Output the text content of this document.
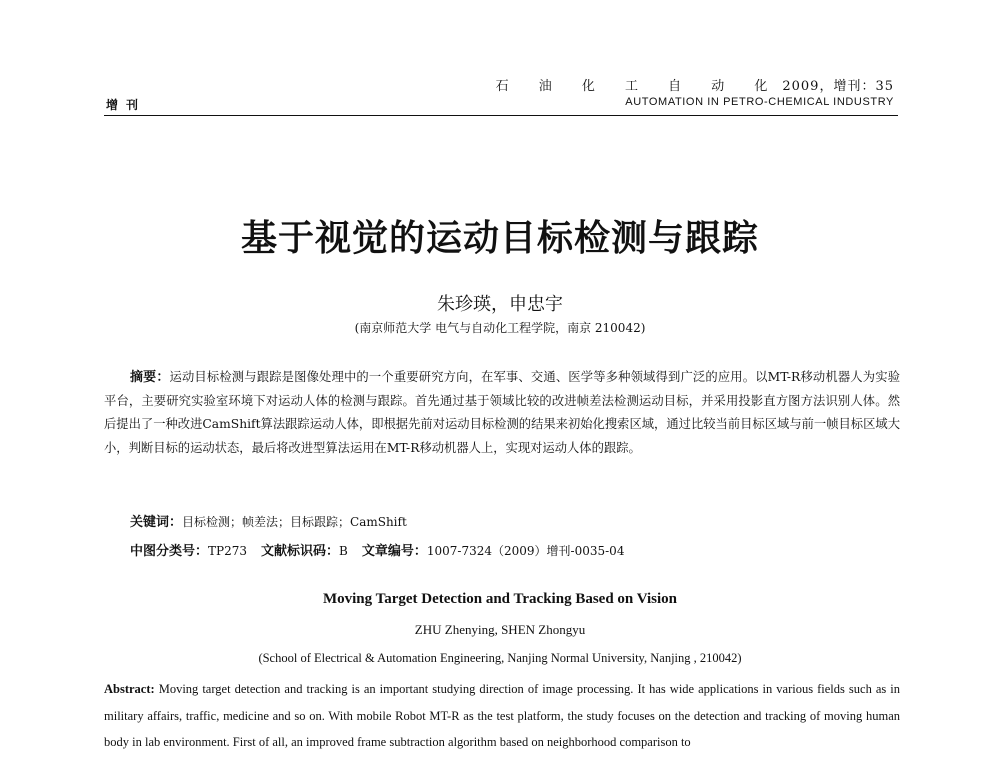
石 油 化 工 自 动 化 2009，增刊：35
AUTOMATION IN PETRO-CHEMICAL INDUSTRY
增刊
基于视觉的运动目标检测与跟踪
朱珍瑛，申忠宇
(南京师范大学 电气与自动化工程学院，南京 210042)
摘要：运动目标检测与跟踪是图像处理中的一个重要研究方向，在军事、交通、医学等多种领域得到广泛的应用。以MT-R移动机器人为实验平台，主要研究实验室环境下对运动人体的检测与跟踪。首先通过基于领域比较的改进帧差法检测运动目标，并采用投影直方图方法识别人体。然后提出了一种改进CamShift算法跟踪运动人体，即根据先前对运动目标检测的结果来初始化搜索区域，通过比较当前目标区域与前一帧目标区域大小，判断目标的运动状态，最后将改进型算法运用在MT-R移动机器人上，实现对运动人体的跟踪。
关键词：目标检测；帧差法；目标跟踪；CamShift
中图分类号：TP273 文献标识码：B 文章编号：1007-7324（2009）增刊-0035-04
Moving Target Detection and Tracking Based on Vision
ZHU Zhenying, SHEN Zhongyu
(School of Electrical & Automation Engineering, Nanjing Normal University, Nanjing , 210042)
Abstract: Moving target detection and tracking is an important studying direction of image processing. It has wide applications in various fields such as in military affairs, traffic, medicine and so on. With mobile Robot MT-R as the test platform, the study focuses on the detection and tracking of moving human body in lab environment. First of all, an improved frame subtraction algorithm based on neighborhood comparison to
